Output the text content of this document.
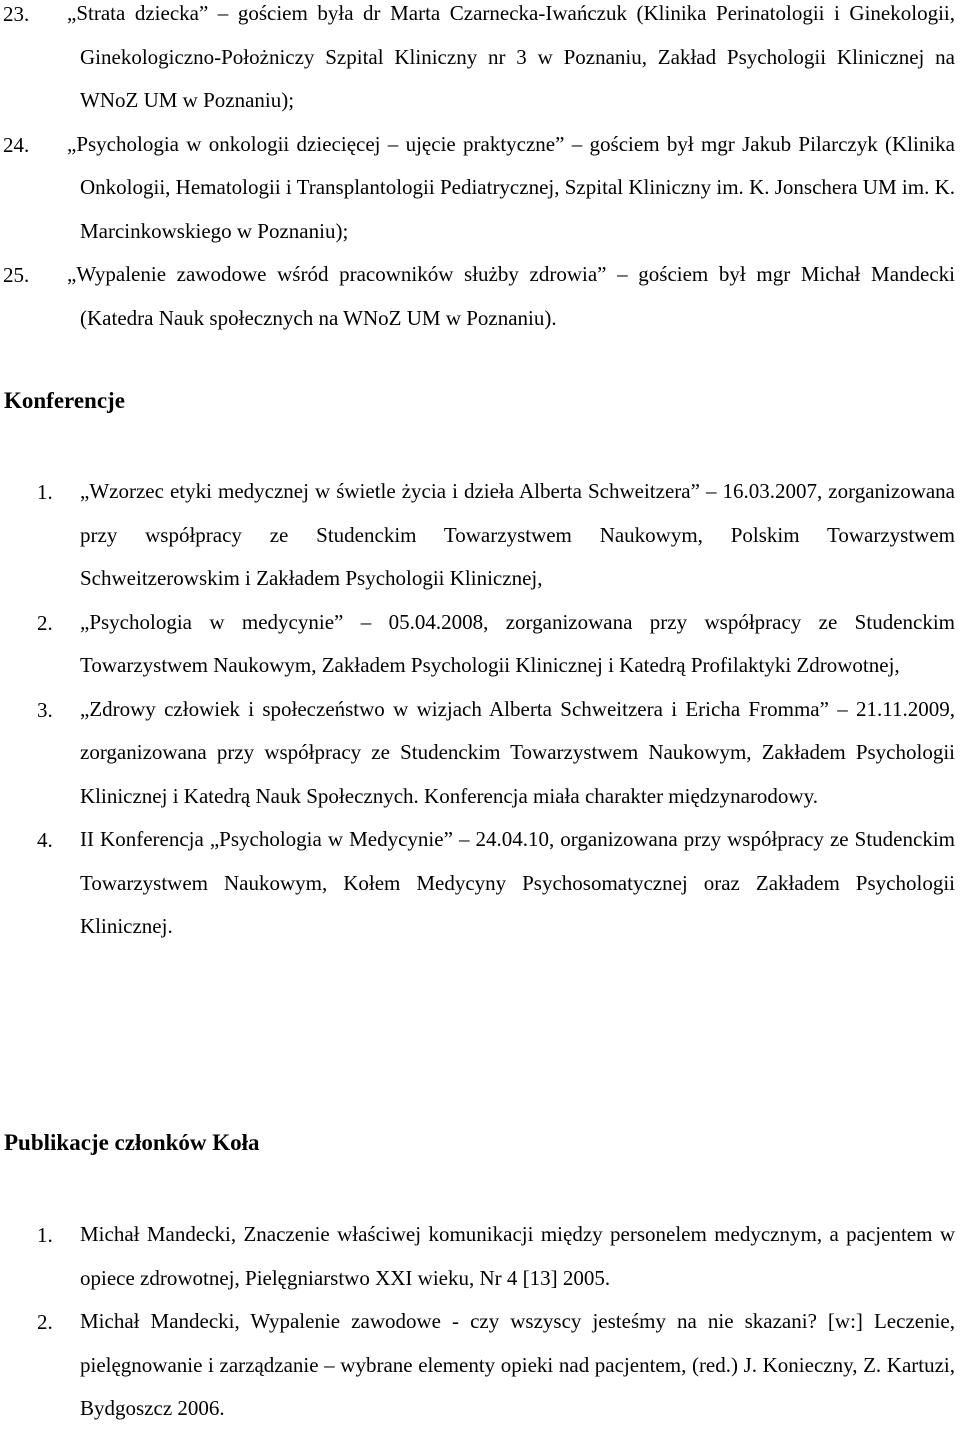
23. „Strata dziecka” – gościem była dr Marta Czarnecka-Iwańczuk (Klinika Perinatologii i Ginekologii, Ginekologiczno-Położniczy Szpital Kliniczny nr 3 w Poznaniu, Zakład Psychologii Klinicznej na WNoZ UM w Poznaniu);

24. „Psychologia w onkologii dziecięcej – ujęcie praktyczne” – gościem był mgr Jakub Pilarczyk (Klinika Onkologii, Hematologii i Transplantologii Pediatrycznej, Szpital Kliniczny im. K. Jonschera UM im. K. Marcinkowskiego w Poznaniu);

25. „Wypalenie zawodowe wśród pracowników służby zdrowia” – gościem był mgr Michał Mandecki (Katedra Nauk społecznych na WNoZ UM w Poznaniu).

Konferencje
1. „Wzorzec etyki medycznej w świetle życia i dzieła Alberta Schweitzera” – 16.03.2007, zorganizowana przy współpracy ze Studenckim Towarzystwem Naukowym, Polskim Towarzystwem Schweitzerowskim i Zakładem Psychologii Klinicznej,

2. „Psychologia w medycynie” – 05.04.2008, zorganizowana przy współpracy ze Studenckim Towarzystwem Naukowym, Zakładem Psychologii Klinicznej i Katedrą Profilaktyki Zdrowotnej,

3. „Zdrowy człowiek i społeczeństwo w wizjach Alberta Schweitzera i Ericha Fromma” – 21.11.2009, zorganizowana przy współpracy ze Studenckim Towarzystwem Naukowym, Zakładem Psychologii Klinicznej i Katedrą Nauk Społecznych. Konferencja miała charakter międzynarodowy.

4. II Konferencja „Psychologia w Medycynie” – 24.04.10, organizowana przy współpracy ze Studenckim Towarzystwem Naukowym, Kołem Medycyny Psychosomatycznej oraz Zakładem Psychologii Klinicznej.

Publikacje członków Koła
1. Michał Mandecki, Znaczenie właściwej komunikacji między personelem medycznym, a pacjentem w opiece zdrowotnej, Pielęgniarstwo XXI wieku, Nr 4 [13] 2005.

2. Michał Mandecki, Wypalenie zawodowe - czy wszyscy jesteśmy na nie skazani? [w:] Leczenie, pielęgnowanie i zarządzanie – wybrane elementy opieki nad pacjentem, (red.) J. Konieczny, Z. Kartuzi, Bydgoszcz 2006.
